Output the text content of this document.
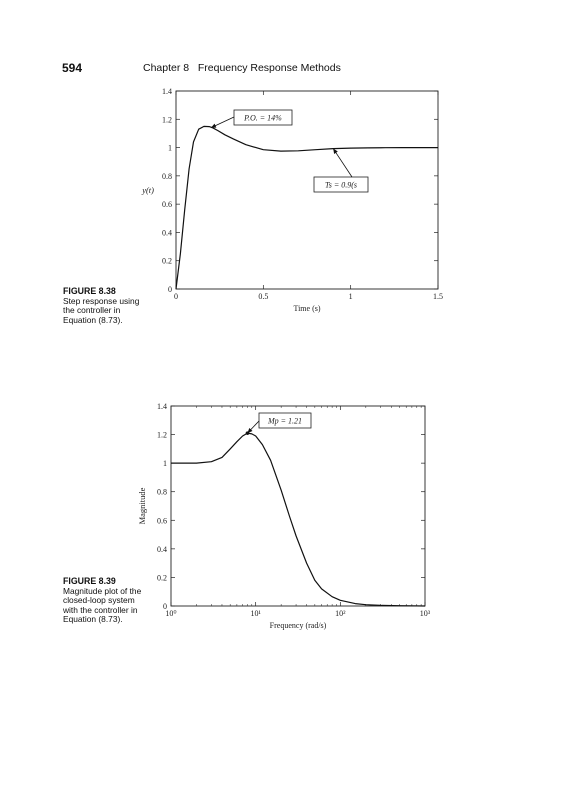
594	Chapter 8   Frequency Response Methods
FIGURE 8.38
Step response using the controller in Equation (8.73).
FIGURE 8.39
Magnitude plot of the closed-loop system with the controller in Equation (8.73).
0
0.2
0.4
0.6
0.8
1
1.2
1.4
0	0.5	1	1.5
Time (s)
y(t)
P.O. = 14%
Ts = 0.9(s
0
0.2
0.4
0.6
0.8
1
1.2
1.4
10⁰	10¹	10²	10³
Frequency (rad/s)
Magnitude
Mp = 1.21
